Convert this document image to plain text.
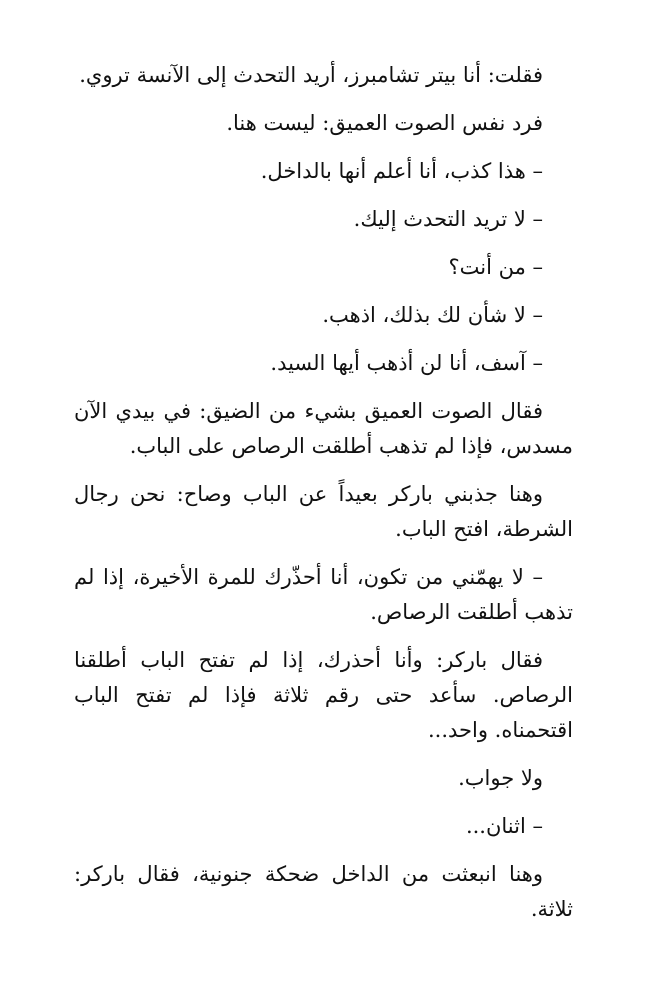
فقلت: أنا بيتر تشامبرز، أريد التحدث إلى الآنسة تروي.

فرد نفس الصوت العميق: ليست هنا.

– هذا كذب، أنا أعلم أنها بالداخل.

– لا تريد التحدث إليك.

– من أنت؟

– لا شأن لك بذلك، اذهب.

– آسف، أنا لن أذهب أيها السيد.

فقال الصوت العميق بشيء من الضيق: في بيدي الآن مسدس، فإذا لم تذهب أطلقت الرصاص على الباب.

وهنا جذبني باركر بعيداً عن الباب وصاح: نحن رجال الشرطة، افتح الباب.

– لا يهمّني من تكون، أنا أحذّرك للمرة الأخيرة، إذا لم تذهب أطلقت الرصاص.

فقال باركر: وأنا أحذرك، إذا لم تفتح الباب أطلقنا الرصاص. سأعد حتى رقم ثلاثة فإذا لم تفتح الباب اقتحمناه. واحد...

ولا جواب.

– اثنان...

وهنا انبعثت من الداخل ضحكة جنونية، فقال باركر: ثلاثة.
